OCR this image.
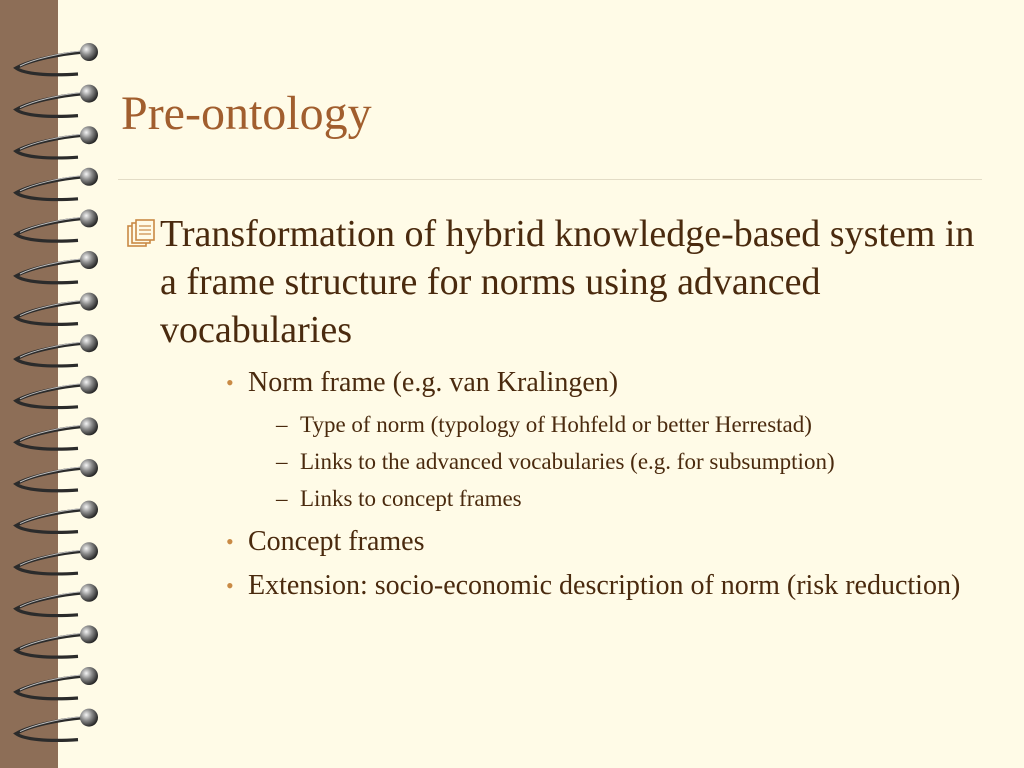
Pre-ontology
Transformation of hybrid knowledge-based system in a frame structure for norms using advanced vocabularies
• Norm frame (e.g. van Kralingen)
– Type of norm (typology of Hohfeld or better Herrestad)
– Links to the advanced vocabularies (e.g. for subsumption)
– Links to concept frames
• Concept frames
• Extension: socio-economic description of norm (risk reduction)
